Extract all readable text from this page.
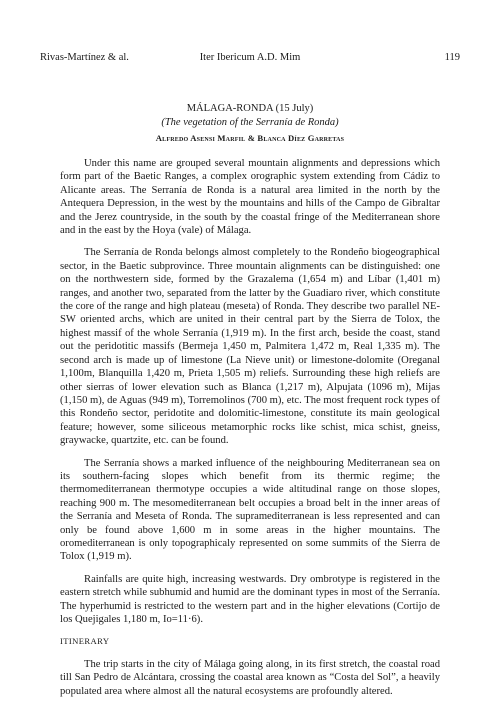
Rivas-Martínez & al.	Iter Ibericum A.D. Mim	119
MÁLAGA-RONDA (15 July)
(The vegetation of the Serranía de Ronda)
Alfredo Asensi Marfil & Blanca Díez Garretas

Under this name are grouped several mountain alignments and depressions which form part of the Baetic Ranges, a complex orographic system extending from Cádiz to Alicante areas. The Serranía de Ronda is a natural area limited in the north by the Antequera Depression, in the west by the mountains and hills of the Campo de Gibraltar and the Jerez countryside, in the south by the coastal fringe of the Mediterranean shore and in the east by the Hoya (vale) of Málaga.

The Serranía de Ronda belongs almost completely to the Rondeño biogeographical sector, in the Baetic subprovince. Three mountain alignments can be distinguished: one on the northwestern side, formed by the Grazalema (1,654 m) and Líbar (1,401 m) ranges, and another two, separated from the latter by the Guadiaro river, which constitute the core of the range and high plateau (meseta) of Ronda. They describe two parallel NE-SW oriented archs, which are united in their central part by the Sierra de Tolox, the highest massif of the whole Serranía (1,919 m). In the first arch, beside the coast, stand out the peridotitic massifs (Bermeja 1,450 m, Palmitera 1,472 m, Real 1,335 m). The second arch is made up of limestone (La Nieve unit) or limestone-dolomite (Oreganal 1,100m, Blanquilla 1,420 m, Prieta 1,505 m) reliefs. Surrounding these high reliefs are other sierras of lower elevation such as Blanca (1,217 m), Alpujata (1096 m), Mijas (1,150 m), de Aguas (949 m), Torremolinos (700 m), etc. The most frequent rock types of this Rondeño sector, peridotite and dolomitic-limestone, constitute its main geological feature; however, some siliceous metamorphic rocks like schist, mica schist, gneiss, graywacke, quartzite, etc. can be found.

The Serranía shows a marked influence of the neighbouring Mediterranean sea on its southern-facing slopes which benefit from its thermic regime; the thermomediterranean thermotype occupies a wide altitudinal range on those slopes, reaching 900 m. The mesomediterranean belt occupies a broad belt in the inner areas of the Serranía and Meseta of Ronda. The supramediterranean is less represented and can only be found above 1,600 m in some areas in the higher mountains. The oromediterranean is only topographicaly represented on some summits of the Sierra de Tolox (1,919 m).

Rainfalls are quite high, increasing westwards. Dry ombrotype is registered in the eastern stretch while subhumid and humid are the dominant types in most of the Serranía. The hyperhumid is restricted to the western part and in the higher elevations (Cortijo de los Quejigales 1,180 m, Io=11·6).

ITINERARY

The trip starts in the city of Málaga going along, in its first stretch, the coastal road till San Pedro de Alcántara, crossing the coastal area known as “Costa del Sol”, a heavily populated area where almost all the natural ecosystems are profoundly altered.
